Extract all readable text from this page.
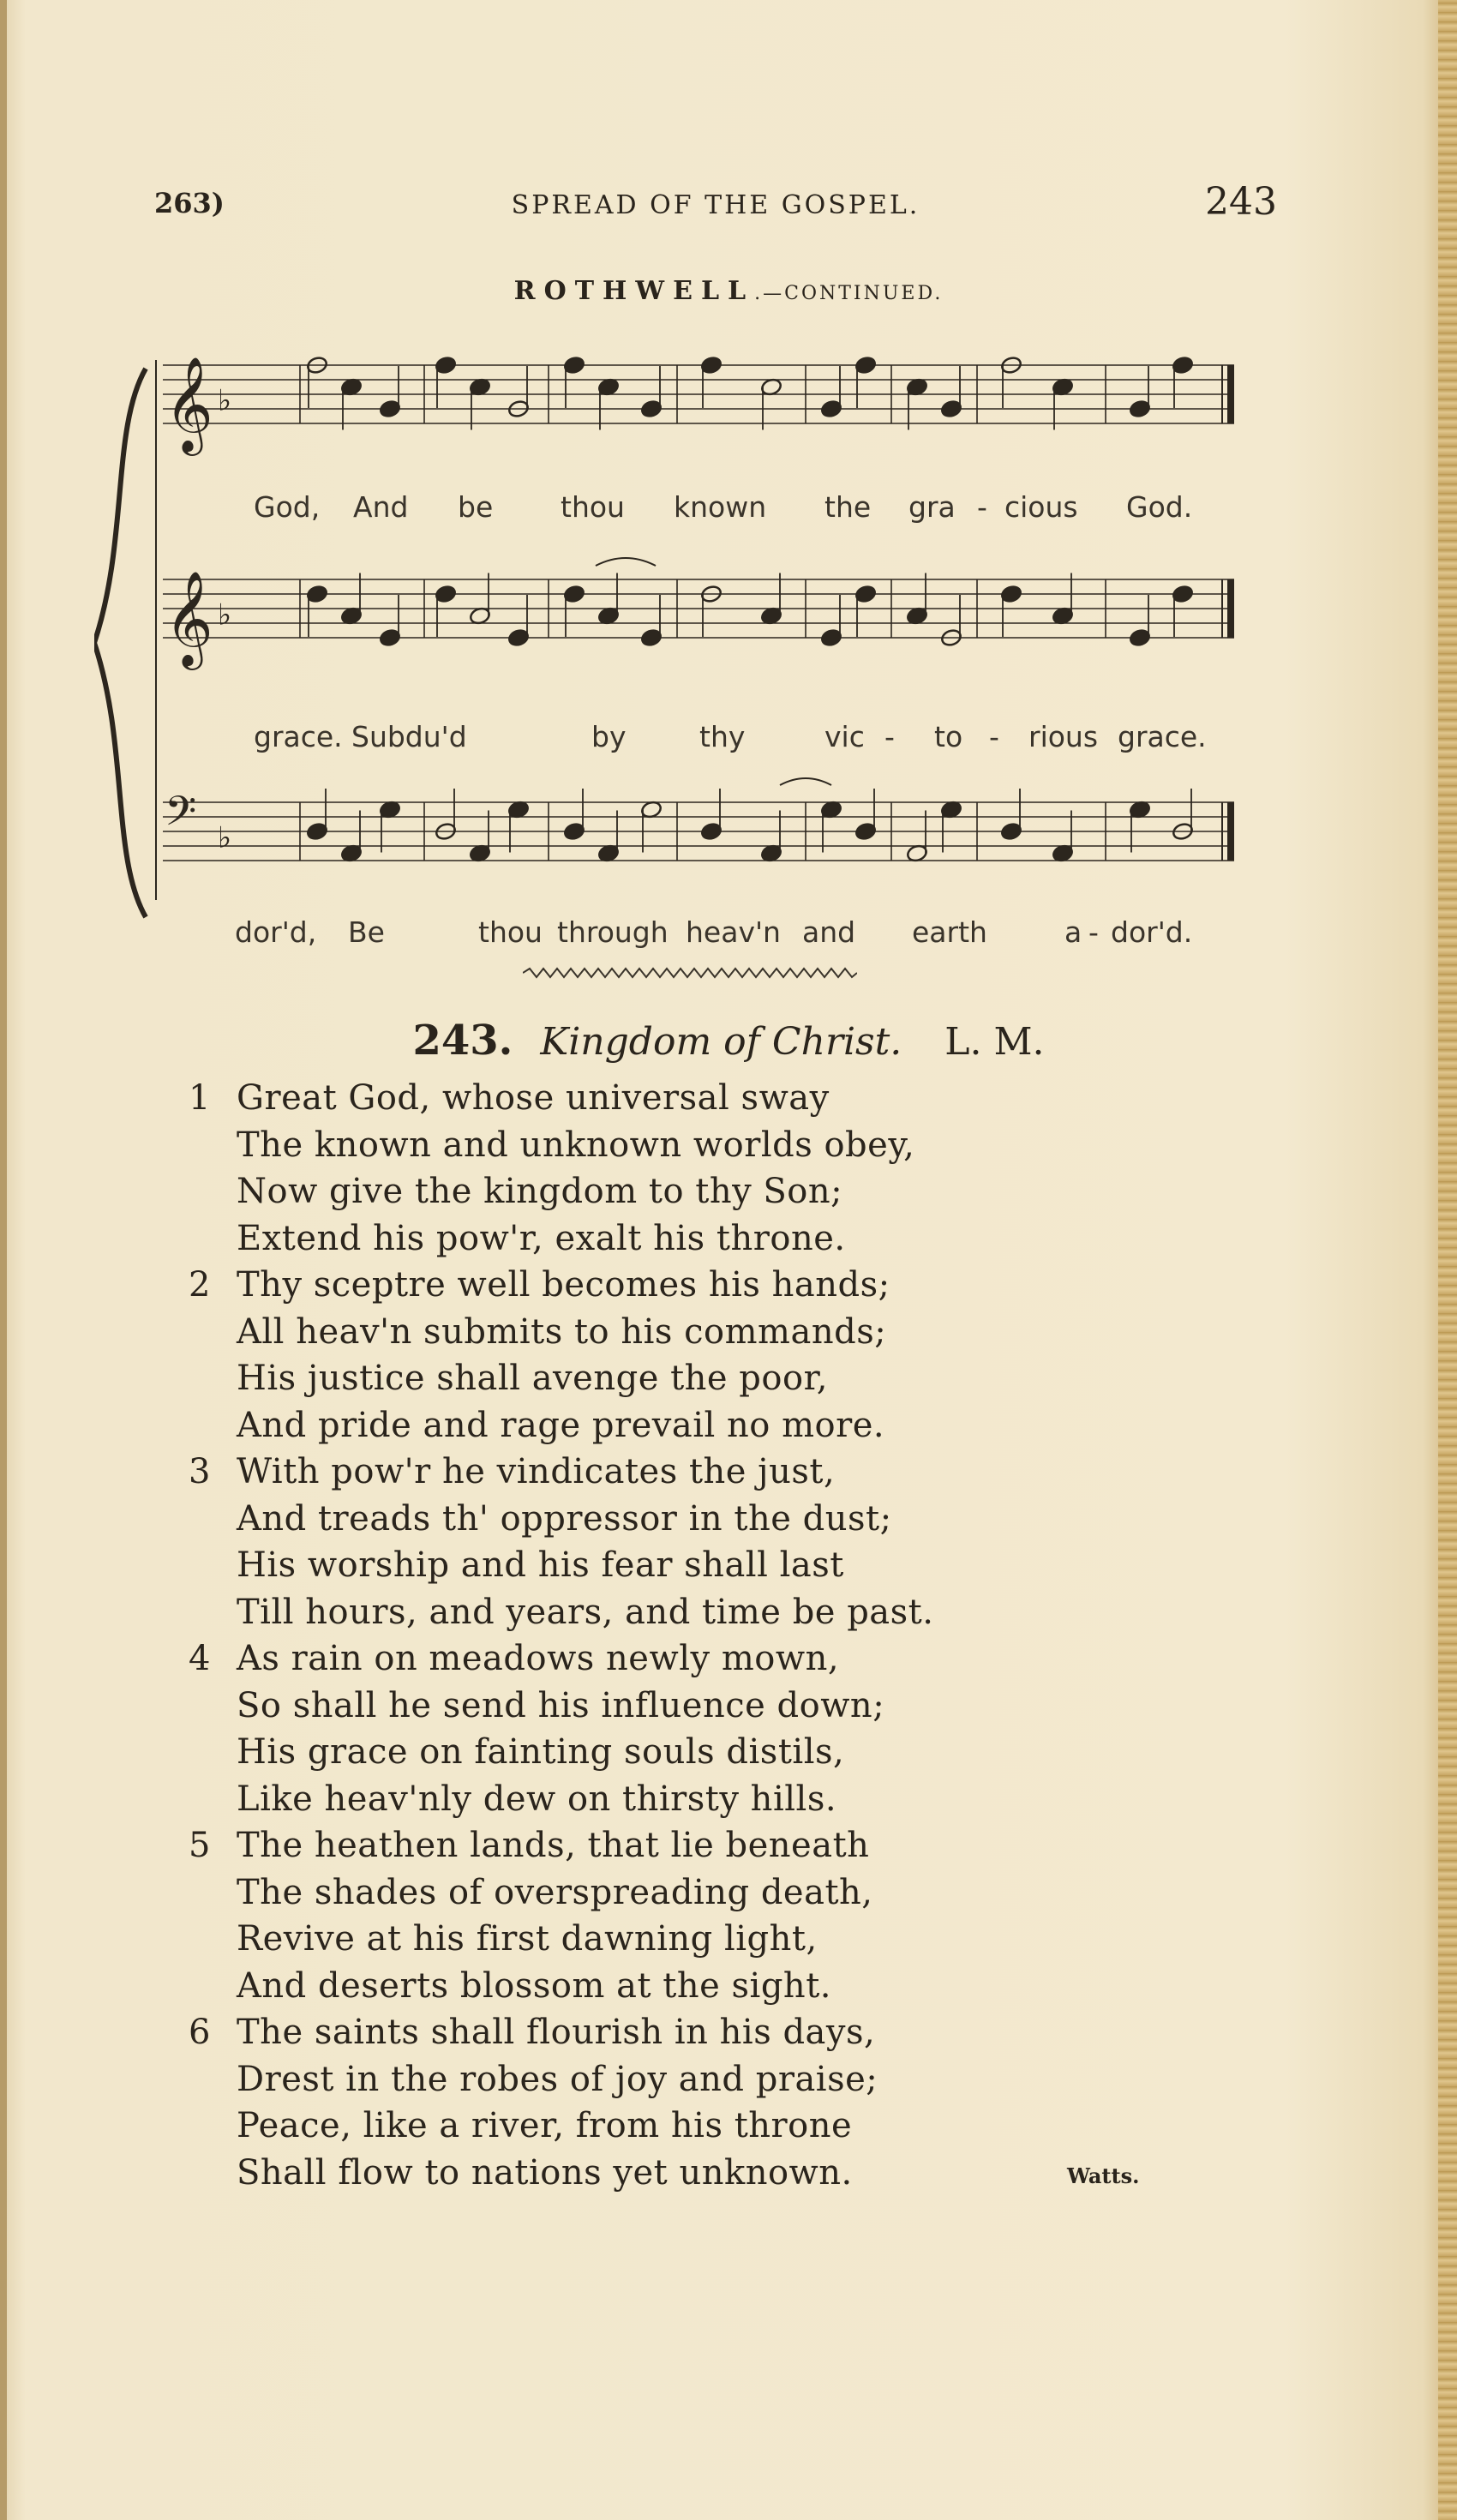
263)	SPREAD OF THE GOSPEL.	243
ROTHWELL.—CONTINUED.
𝄞 ♭
𝄞 ♭
𝄢 ♭
God, And be thou known the gra - cious God.
grace. Subdu'd	by	thy	vic - to - rious grace.
dor'd, Be	thou through heav'n and earth	a - dor'd.
243. Kingdom of Christ. L. M.
1 Great God, whose universal sway
The known and unknown worlds obey,
Now give the kingdom to thy Son;
Extend his pow'r, exalt his throne.
2 Thy sceptre well becomes his hands;
All heav'n submits to his commands;
His justice shall avenge the poor,
And pride and rage prevail no more.
3 With pow'r he vindicates the just,
And treads th' oppressor in the dust;
His worship and his fear shall last
Till hours, and years, and time be past.
4 As rain on meadows newly mown,
So shall he send his influence down;
His grace on fainting souls distils,
Like heav'nly dew on thirsty hills.
5 The heathen lands, that lie beneath
The shades of overspreading death,
Revive at his first dawning light,
And deserts blossom at the sight.
6 The saints shall flourish in his days,
Drest in the robes of joy and praise;
Peace, like a river, from his throne
Shall flow to nations yet unknown.	Watts.
